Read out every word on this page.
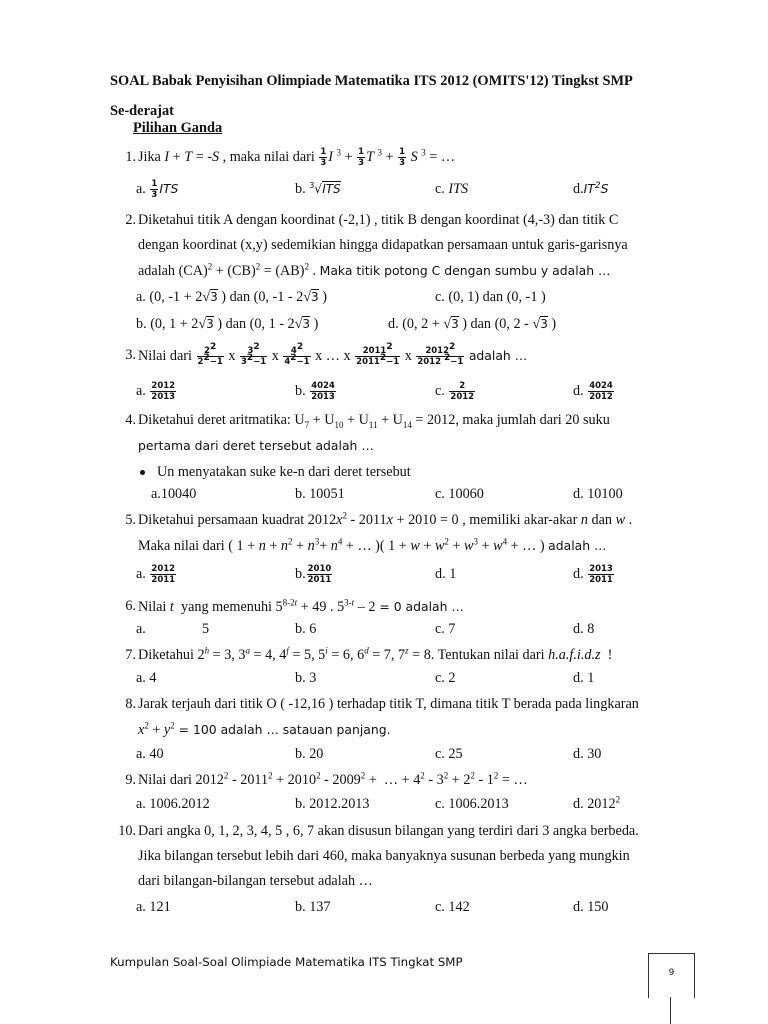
SOAL Babak Penyisihan Olimpiade Matematika ITS 2012 (OMITS'12) Tingkst SMP
Se-derajat
Pilihan Ganda
1. Jika I + T = -S , maka nilai dari $\frac{1}{3}$ I $^3 + \frac{1}{3}$ T $^3 + \frac{1}{3}$ S $^3$ = …
a. $\frac{1}{3}$ ITS	b. $^3$√ITS	c. ITS	$d.IT^2S$
2. Diketahui titik A dengan koordinat (-2,1) , titik B dengan koordinat (4,-3) dan titik C
dengan koordinat (x,y) sedemikian hingga didapatkan persamaan untuk garis-garisnya
adalah (CA)$^2$ + (CB)$^2$ = (AB)$^2$ . Maka titik potong C dengan sumbu y adalah …
a. (0, -1 + 2√3 ) dan (0, -1 - 2√3 )	c. (0, 1) dan (0, -1 )
b. (0, 1 + 2√3 ) dan (0, 1 - 2√3 )	d. (0, 2 + √3 ) dan (0, 2 - √3 )
3. Nilai dari $\frac{2^2}{2^2-1}$ x $\frac{3^2}{3^2-1}$ x $\frac{4^2}{4^2-1}$ x … x $\frac{2011^2}{2011^2-1}$ x $\frac{2012^2}{2012 ^2-1}$ adalah …
a. $\frac{2012}{2013}$	b. $\frac{4024}{2013}$	c. $\frac{2}{2012}$	d. $\frac{4024}{2012}$
4. Diketahui deret aritmatika: $U_7 + U_{10} + U_{11} + U_{14} = 2012$, maka jumlah dari 20 suku
pertama dari deret tersebut adalah …
Un menyatakan suke ke-n dari deret tersebut
a.10040	b. 10051	c. 10060	d. 10100
5. Diketahui persamaan kuadrat $2012x^2 - 2011x + 2010 = 0$ , memiliki akar-akar n dan w .
Maka nilai dari ( $1 + n + n^2 + n^3+ n^4$ + … )( $1 + w + w^2 + w^3 + w^4$ + … ) adalah …
a. $\frac{2012}{2011}$	b. $\frac{2010}{2011}$	d. 1	d. $\frac{2013}{2011}$
6. Nilai t  yang memenuhi $5^{8-2t} + 49$ . 5$^{3-t}$ – 2 = 0 adalah …
a.	5	b. 6	c. 7	d. 8
7. Diketahui $2^h = 3$, $3^a = 4$, $4^f = 5$, $5^i = 6$, $6^d = 7$, $7^z = 8$. Tentukan nilai dari h.a.f.i.d.z  !
a. 4	b. 3	c. 2	d. 1
8. Jarak terjauh dari titik O ( -12,16 ) terhadap titik T, dimana titik T berada pada lingkaran
$x^2 + y^2 = 100$ adalah … satauan panjang.
a. 40	b. 20	c. 25	d. 30
9. Nilai dari $2012^2 - 2011^2 + 2010^2 - 2009^2$ +  … + $4^2 - 3^2 + 2^2 - 1^2$ = …
a. 1006.2012	b. 2012.2013	c. 1006.2013	d. 2012$^2$
10. Dari angka 0, 1, 2, 3, 4, 5 , 6, 7 akan disusun bilangan yang terdiri dari 3 angka berbeda.
Jika bilangan tersebut lebih dari 460, maka banyaknya susunan berbeda yang mungkin
dari bilangan-bilangan tersebut adalah …
a. 121	b. 137	c. 142	d. 150
Kumpulan Soal-Soal Olimpiade Matematika ITS Tingkat SMP
9
